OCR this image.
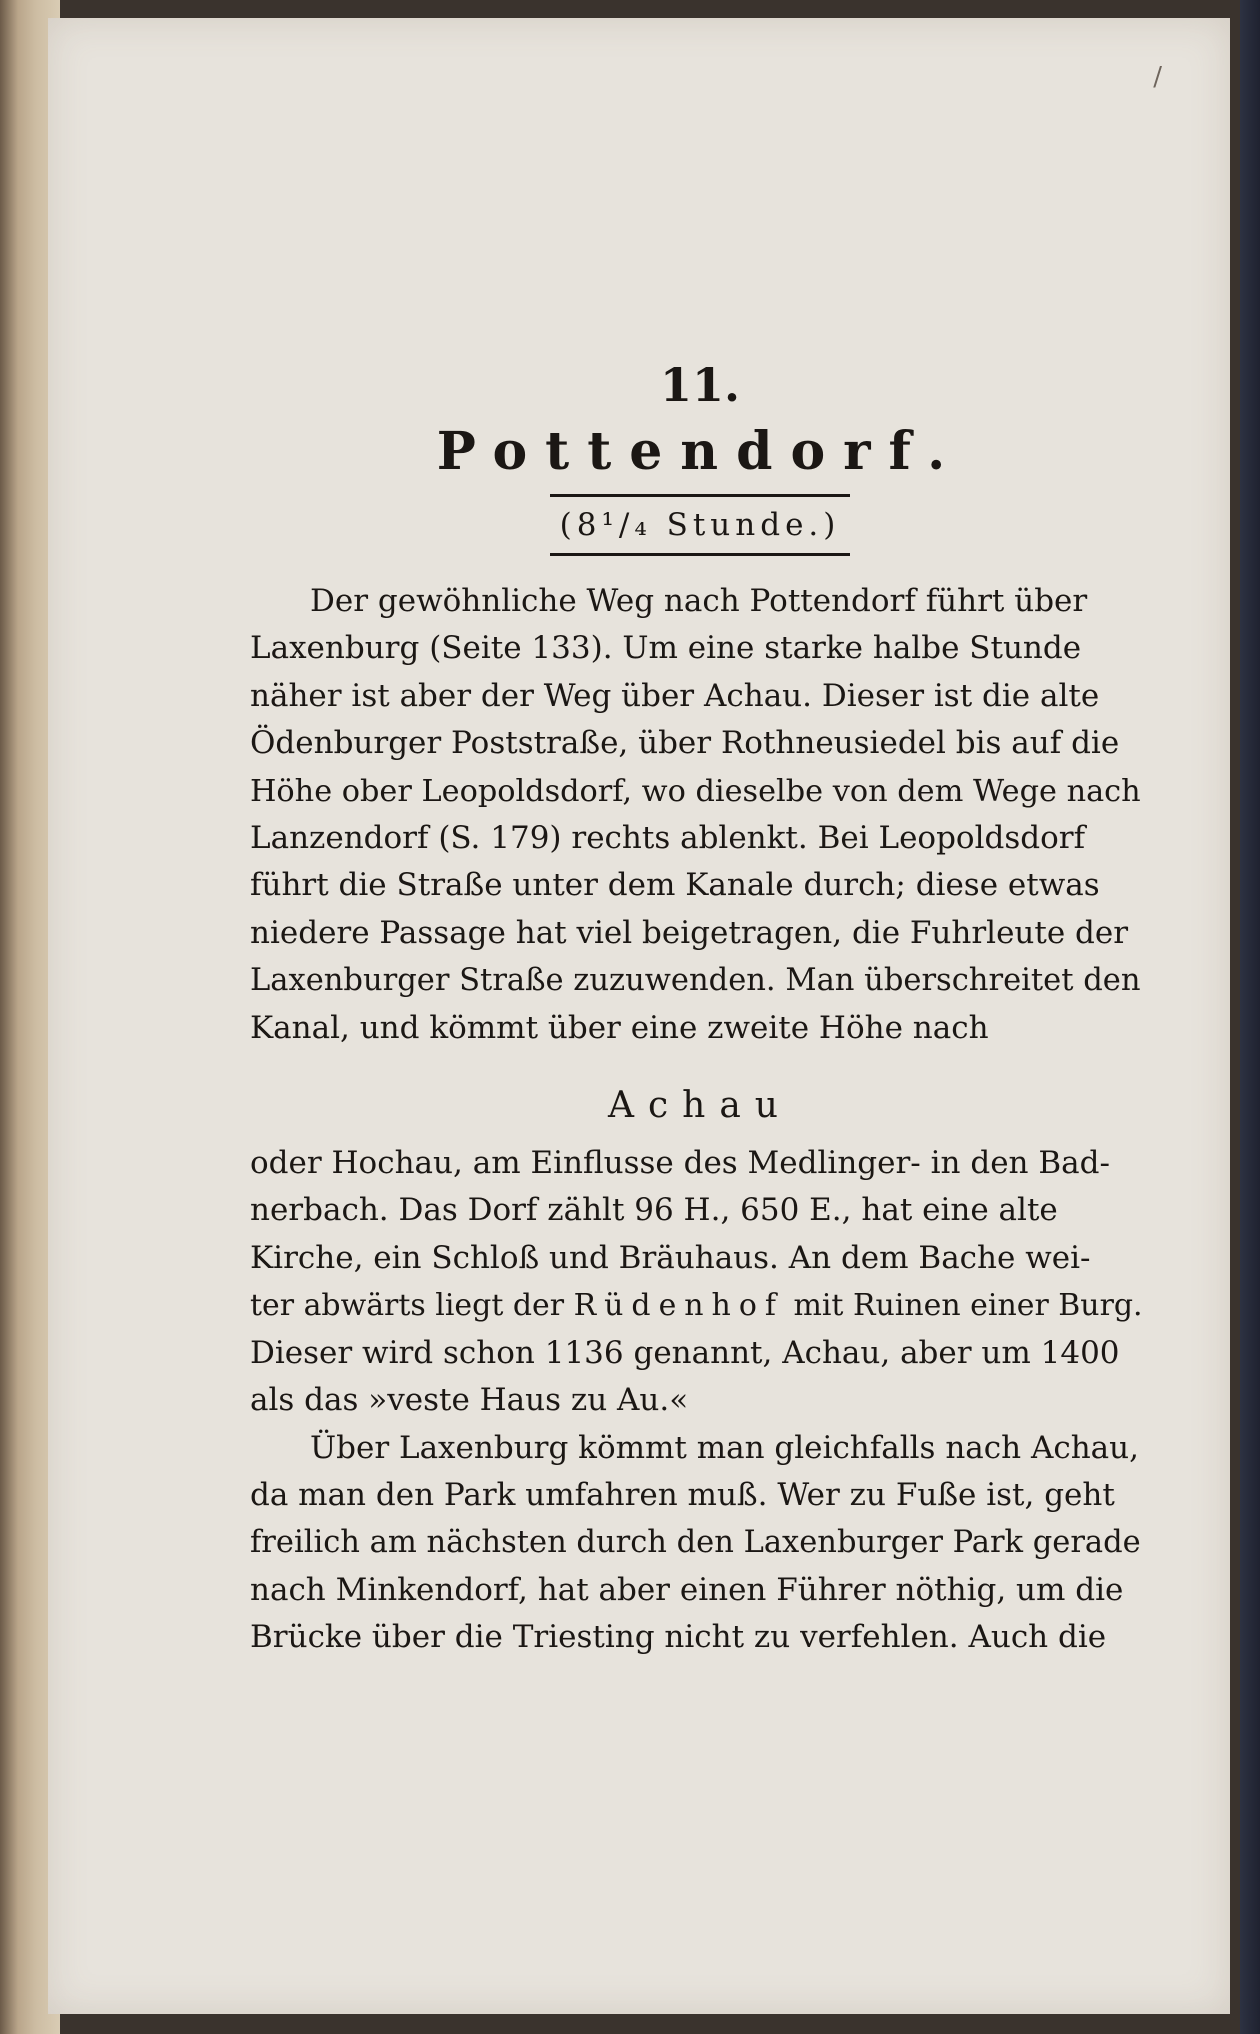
/
11.
Pottendorf.
(8¹/₄ Stunde.)
Der gewöhnliche Weg nach Pottendorf führt über
Laxenburg (Seite 133). Um eine starke halbe Stunde
näher ist aber der Weg über Achau. Dieser ist die alte
Ödenburger Poststraße, über Rothneusiedel bis auf die
Höhe ober Leopoldsdorf, wo dieselbe von dem Wege nach
Lanzendorf (S. 179) rechts ablenkt. Bei Leopoldsdorf
führt die Straße unter dem Kanale durch; diese etwas
niedere Passage hat viel beigetragen, die Fuhrleute der
Laxenburger Straße zuzuwenden. Man überschreitet den
Kanal, und kömmt über eine zweite Höhe nach
Achau
oder Hochau, am Einflusse des Medlinger- in den Bad-
nerbach. Das Dorf zählt 96 H., 650 E., hat eine alte
Kirche, ein Schloß und Bräuhaus. An dem Bache wei-
ter abwärts liegt der Rüdenhof mit Ruinen einer Burg.
Dieser wird schon 1136 genannt, Achau, aber um 1400
als das »veste Haus zu Au.«
Über Laxenburg kömmt man gleichfalls nach Achau,
da man den Park umfahren muß. Wer zu Fuße ist, geht
freilich am nächsten durch den Laxenburger Park gerade
nach Minkendorf, hat aber einen Führer nöthig, um die
Brücke über die Triesting nicht zu verfehlen. Auch die
